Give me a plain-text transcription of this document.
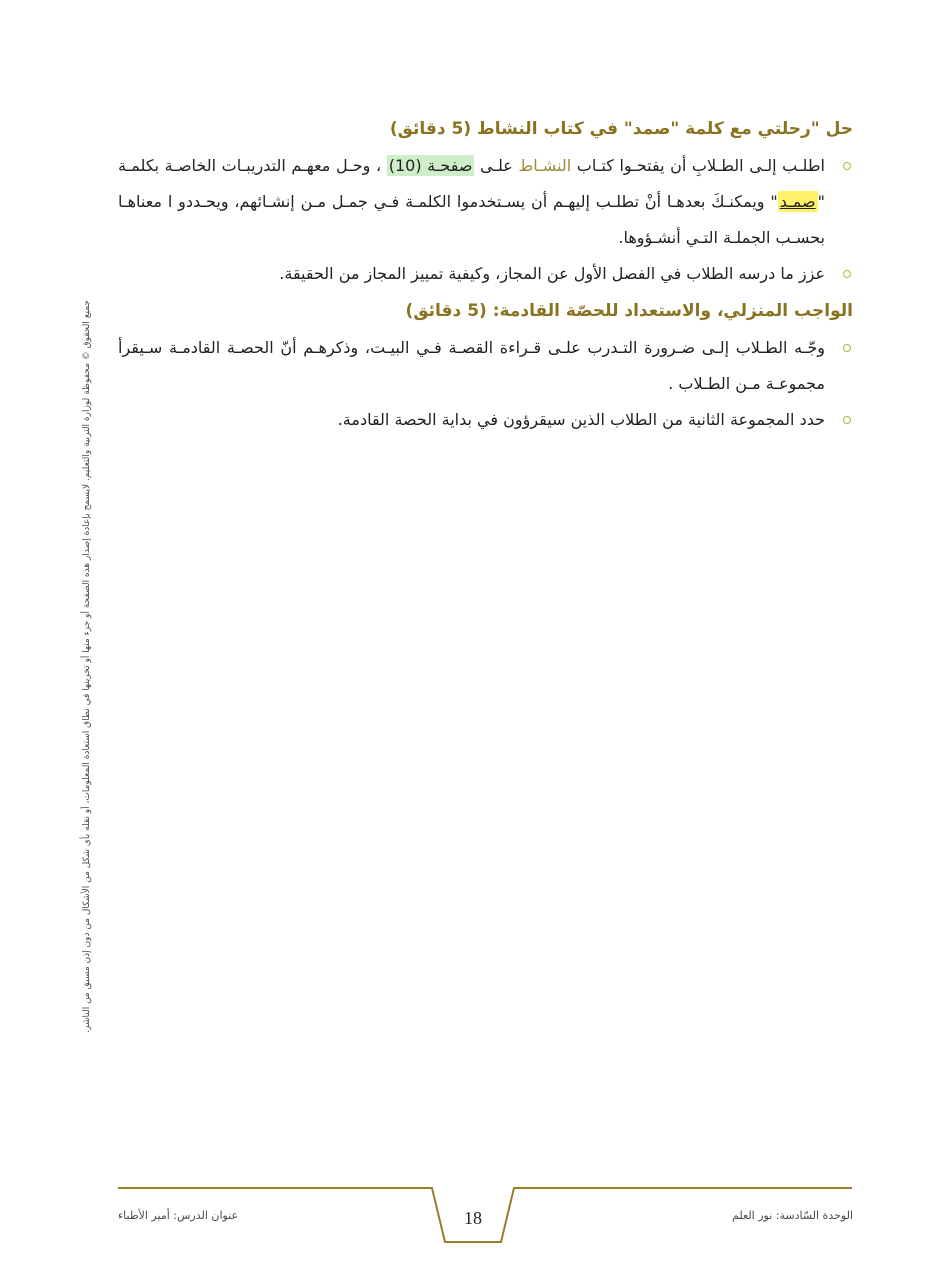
حل "رحلتي مع كلمة "صمد" في كتاب النشاط (5 دقائق)
اطلـب إلـى الطـلابِ أن يفتحـوا كتـاب النشـاط علـى صفحـة (10) ، وحـل معهـم التدريبـات الخاصـة بكلمـة "صمـد" ويمكنـكَ بعدهـا أنْ تطلـب إليهـم أن يسـتخدموا الكلمـة فـي جمـل مـن إنشـائهم، ويحـددو ا معناهـا بحسـب الجملـة التـي أنشـؤوها.
عزز ما درسه الطلاب في الفصل الأول عن المجاز، وكيفية تمييز المجاز من الحقيقة.
الواجب المنزلي، والاستعداد للحصّة القادمة: (5 دقائق)
وجّـه الطـلاب إلـى ضـرورة التـدرب علـى قـراءة القصـة فـي البيـت، وذكرهـم أنّ الحصـة القادمـة سـيقرأ مجموعـة مـن الطـلاب .
حدد المجموعة الثانية من الطلاب الذين سيقرؤون في بداية الحصة القادمة.
جميع الحقوق © محفوظة لوزارة التربية والتعليم. لايسمح بإعادة إصدار هذه الصفحة أو جزء منها أو تخزينها في نطاق استعادة المعلومات، أو نقله بأي شكل من الأشكال من دون إذن مسبق من الناشر.
18	الوحدة السّادسة: نور العلم
عنوان الدرس: أمير الأطباء
